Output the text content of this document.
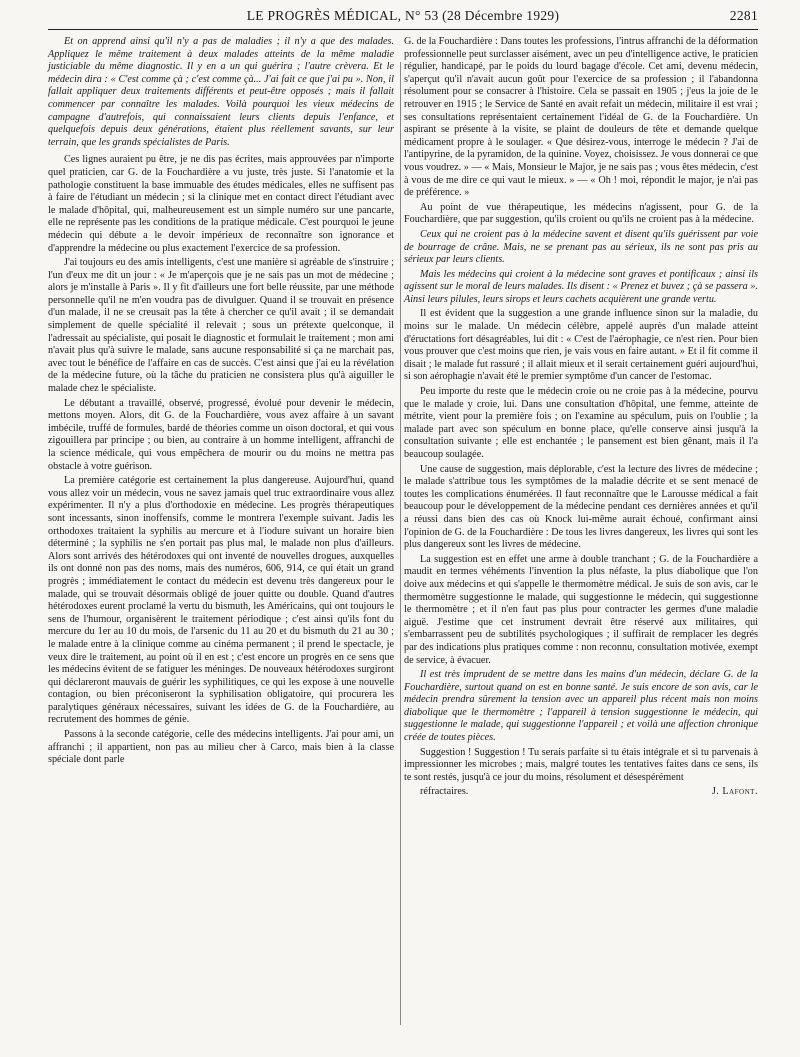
LE PROGRÈS MÉDICAL, N° 53 (28 Décembre 1929)	2281

Et on apprend ainsi qu'il n'y a pas de maladies ; il n'y a que des malades. Appliquez le même traitement à deux malades atteints de la même maladie justiciable du même diagnostic. Il y en a un qui guérira ; l'autre crèvera. Et le médecin dira : « C'est comme çà ; c'est comme çà... J'ai fait ce que j'ai pu ». Non, il fallait appliquer deux traitements différents et peut-être opposés ; mais il fallait commencer par connaître les malades. Voilà pourquoi les vieux médecins de campagne d'autrefois, qui connaissaient leurs clients depuis l'enfance, et quelquefois depuis deux générations, étaient plus réellement savants, sur leur terrain, que les grands spécialistes de Paris.

Ces lignes auraient pu être, je ne dis pas écrites, mais approuvées par n'importe quel praticien, car G. de la Fouchardière a vu juste, très juste. Si l'anatomie et la pathologie constituent la base immuable des études médicales, elles ne suffisent pas à faire de l'étudiant un médecin ; si la clinique met en contact direct l'étudiant avec le malade d'hôpital, qui, malheureusement est un simple numéro sur une pancarte, elle ne représente pas les conditions de la pratique médicale. C'est pourquoi le jeune médecin qui débute a le devoir impérieux de reconnaître son ignorance et d'apprendre la médecine ou plus exactement l'exercice de sa profession.

J'ai toujours eu des amis intelligents, c'est une manière si agréable de s'instruire ; l'un d'eux me dit un jour : « Je m'aperçois que je ne sais pas un mot de médecine ; alors je m'installe à Paris ». Il y fit d'ailleurs une fort belle réussite, par une méthode personnelle qu'il ne m'en voudra pas de divulguer. Quand il se trouvait en présence d'un malade, il ne se creusait pas la tête à chercher ce qu'il avait ; il se demandait simplement de quelle spécialité il relevait ; sous un prétexte quelconque, il l'adressait au spécialiste, qui posait le diagnostic et formulait le traitement ; mon ami n'avait plus qu'à suivre le malade, sans aucune responsabilité si ça ne marchait pas, avec tout le bénéfice de l'affaire en cas de succès. C'est ainsi que j'ai eu la révélation de la médecine future, où la tâche du praticien ne consistera plus qu'à aiguiller le malade chez le spécialiste.

Le débutant a travaillé, observé, progressé, évolué pour devenir le médecin, mettons moyen. Alors, dit G. de la Fouchardière, vous avez affaire à un savant imbécile, truffé de formules, bardé de théories comme un oison doctoral, et qui vous zigouillera par principe ; ou bien, au contraire à un homme intelligent, affranchi de la science médicale, qui vous empêchera de mourir ou du moins ne mettra pas obstacle à votre guérison.

La première catégorie est certainement la plus dangereuse. Aujourd'hui, quand vous allez voir un médecin, vous ne savez jamais quel truc extraordinaire vous allez expérimenter. Il n'y a plus d'orthodoxie en médecine. Les progrès thérapeutiques sont incessants, sinon inoffensifs, comme le montrera l'exemple suivant. Jadis les orthodoxes traitaient la syphilis au mercure et à l'iodure suivant un horaire bien déterminé ; la syphilis ne s'en portait pas plus mal, le malade non plus d'ailleurs. Alors sont arrivés des hétérodoxes qui ont inventé de nouvelles drogues, auxquelles ils ont donné non pas des noms, mais des numéros, 606, 914, ce qui était un grand progrès ; immédiatement le contact du médecin est devenu très dangereux pour le malade, qui se trouvait désormais obligé de jouer quitte ou double. Quand d'autres hétérodoxes eurent proclamé la vertu du bismuth, les Américains, qui ont toujours le sens de l'humour, organisèrent le traitement périodique ; c'est ainsi qu'ils font du mercure du 1er au 10 du mois, de l'arsenic du 11 au 20 et du bismuth du 21 au 30 ; le malade entre à la clinique comme au cinéma permanent ; il prend le spectacle, je veux dire le traitement, au point où il en est ; c'est encore un progrès en ce sens que les médecins évitent de se fatiguer les méninges. De nouveaux hétérodoxes surgiront qui déclareront mauvais de guérir les syphilitiques, ce qui les expose à une nouvelle contagion, ou bien préconiseront la syphilisation obligatoire, qui procurera les paralytiques généraux nécessaires, suivant les idées de G. de la Fouchardière, au recrutement des hommes de génie.

Passons à la seconde catégorie, celle des médecins intelligents. J'ai pour ami, un affranchi ; il appartient, non pas au milieu cher à Carco, mais bien à la classe spéciale dont parle

G. de la Fouchardière : Dans toutes les professions, l'intrus affranchi de la déformation professionnelle peut surclasser aisément, avec un peu d'intelligence active, le praticien régulier, handicapé, par le poids du lourd bagage d'école. Cet ami, devenu médecin, s'aperçut qu'il n'avait aucun goût pour l'exercice de sa profession ; il l'abandonna résolument pour se consacrer à l'histoire. Cela se passait en 1905 ; j'eus la joie de le retrouver en 1915 ; le Service de Santé en avait refait un médecin, militaire il est vrai ; ses consultations représentaient certainement l'idéal de G. de la Fouchardière. Un aspirant se présente à la visite, se plaint de douleurs de tête et demande quelque médicament propre à le soulager. « Que désirez-vous, interroge le médecin ? J'ai de l'antipyrine, de la pyramidon, de la quinine. Voyez, choisissez. Je vous donnerai ce que vous voudrez. » — « Mais, Monsieur le Major, je ne sais pas ; vous êtes médecin, c'est à vous de me dire ce qui vaut le mieux. » — « Oh ! moi, répondit le major, je n'ai pas de préférence. »

Au point de vue thérapeutique, les médecins n'agissent, pour G. de la Fouchardière, que par suggestion, qu'ils croient ou qu'ils ne croient pas à la médecine.

Ceux qui ne croient pas à la médecine savent et disent qu'ils guérissent par voie de bourrage de crâne. Mais, ne se prenant pas au sérieux, ils ne sont pas pris au sérieux par leurs clients.

Mais les médecins qui croient à la médecine sont graves et pontificaux ; ainsi ils agissent sur le moral de leurs malades. Ils disent : « Prenez et buvez ; çà se passera ». Ainsi leurs pilules, leurs sirops et leurs cachets acquièrent une grande vertu.

Il est évident que la suggestion a une grande influence sinon sur la maladie, du moins sur le malade. Un médecin célèbre, appelé auprès d'un malade atteint d'éructations fort désagréables, lui dit : « C'est de l'aérophagie, ce n'est rien. Pour bien vous prouver que c'est moins que rien, je vais vous en faire autant. » Et il fit comme il disait ; le malade fut rassuré ; il allait mieux et il serait certainement guéri aujourd'hui, si son aérophagie n'avait été le premier symptôme d'un cancer de l'estomac.

Peu importe du reste que le médecin croie ou ne croie pas à la médecine, pourvu que le malade y croie, lui. Dans une consultation d'hôpital, une femme, atteinte de métrite, vient pour la première fois ; on l'examine au spéculum, puis on l'oublie ; la malade part avec son spéculum en bonne place, qu'elle conserve ainsi jusqu'à la consultation suivante ; elle est enchantée ; le pansement est bien gênant, mais il l'a beaucoup soulagée.

Une cause de suggestion, mais déplorable, c'est la lecture des livres de médecine ; le malade s'attribue tous les symptômes de la maladie décrite et se sent menacé de toutes les complications énumérées. Il faut reconnaître que le Larousse médical a fait beaucoup pour le développement de la médecine pendant ces dernières années et qu'il a réussi dans bien des cas où Knock lui-même aurait échoué, confirmant ainsi l'opinion de G. de la Fouchardière : De tous les livres dangereux, les livres qui sont les plus dangereux sont les livres de médecine.

La suggestion est en effet une arme à double tranchant ; G. de la Fouchardière a maudit en termes véhéments l'invention la plus néfaste, la plus diabolique que l'on doive aux médecins et qui s'appelle le thermomètre médical. Je suis de son avis, car le thermomètre suggestionne le malade, qui suggestionne le médecin, qui suggestionne le thermomètre ; et il n'en faut pas plus pour contracter les germes d'une maladie aiguë. J'estime que cet instrument devrait être réservé aux militaires, qui s'embarrassent peu de subtilités psychologiques ; il suffirait de remplacer les degrés par des indications plus pratiques comme : non reconnu, consultation motivée, exempt de service, à évacuer.

Il est très imprudent de se mettre dans les mains d'un médecin, déclare G. de la Fouchardière, surtout quand on est en bonne santé. Je suis encore de son avis, car le médecin prendra sûrement la tension avec un appareil plus récent mais non moins diabolique que le thermomètre ; l'appareil à tension suggestionne le médecin, qui suggestionne le malade, qui suggestionne l'appareil ; et voilà une affection chronique créée de toutes pièces.

Suggestion ! Suggestion ! Tu serais parfaite si tu étais intégrale et si tu parvenais à impressionner les microbes ; mais, malgré toutes les tentatives faites dans ce sens, ils te sont restés, jusqu'à ce jour du moins, résolument et désespérément

réfractaires.	J. Lafont.
